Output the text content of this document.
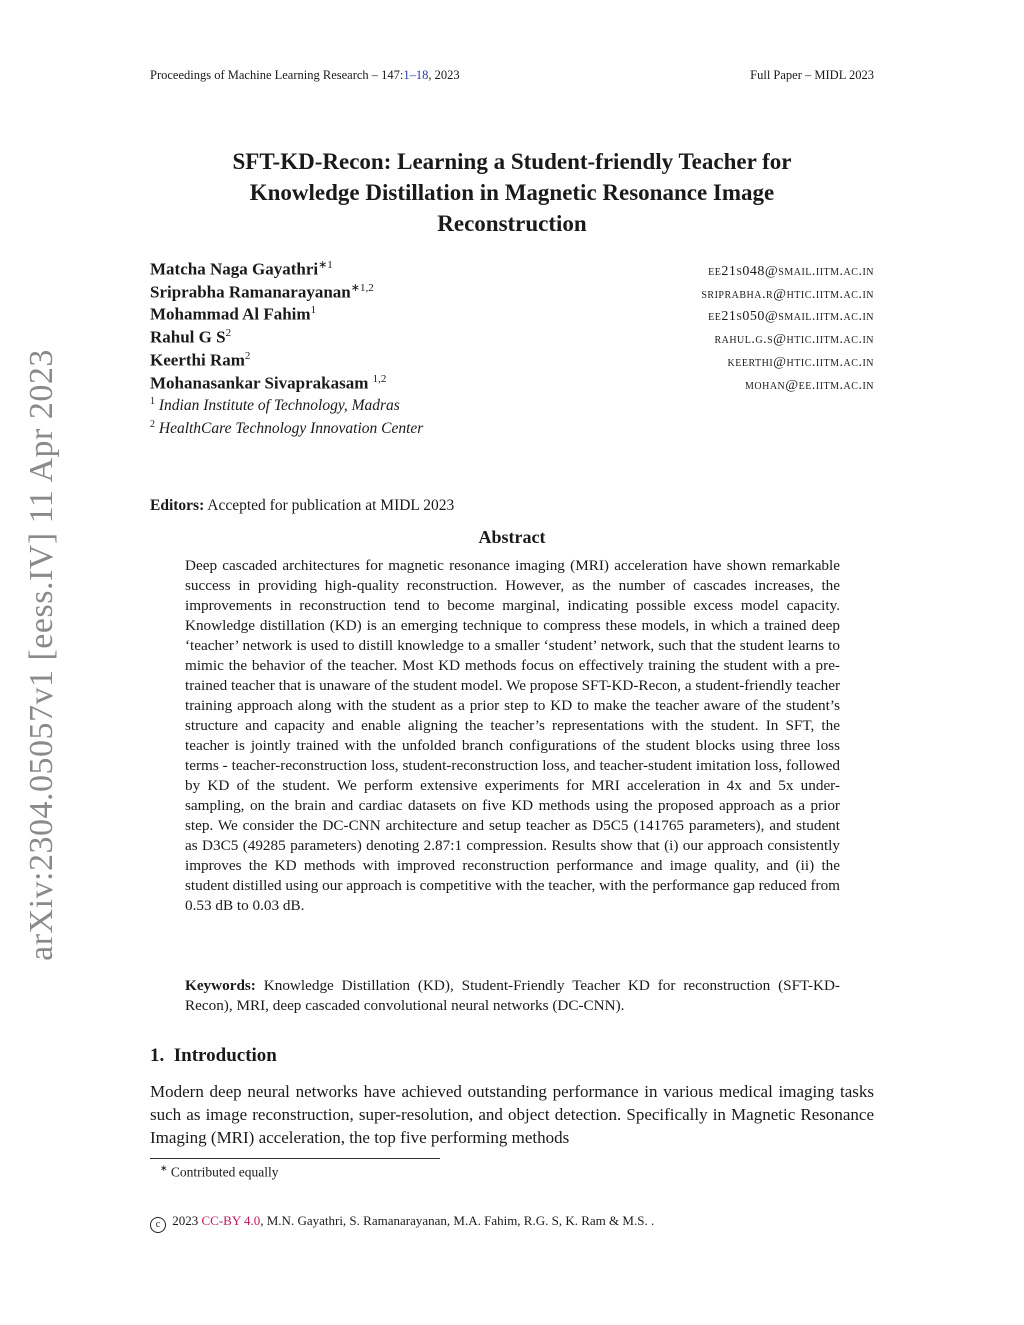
Proceedings of Machine Learning Research – 147:1–18, 2023	Full Paper – MIDL 2023
arXiv:2304.05057v1 [eess.IV] 11 Apr 2023
SFT-KD-Recon: Learning a Student-friendly Teacher for
Knowledge Distillation in Magnetic Resonance Image
Reconstruction
Matcha Naga Gayathri$^{∗1}$	ee21s048@smail.iitm.ac.in
Sriprabha Ramanarayanan$^{∗1,2}$	sriprabha.r@htic.iitm.ac.in
Mohammad Al Fahim$^1$	ee21s050@smail.iitm.ac.in
Rahul G $S^2$	rahul.g.s@htic.iitm.ac.in
Keerthi Ram$^2$	keerthi@htic.iitm.ac.in
Mohanasankar Sivaprakasam $^{1,2}$	mohan@ee.iitm.ac.in
$^1$ Indian Institute of Technology, Madras
$^2$ HealthCare Technology Innovation Center
Editors: Accepted for publication at MIDL 2023
Abstract
Deep cascaded architectures for magnetic resonance imaging (MRI) acceleration have shown remarkable success in providing high-quality reconstruction. However, as the number of cascades increases, the improvements in reconstruction tend to become marginal, indicating possible excess model capacity. Knowledge distillation (KD) is an emerging technique to compress these models, in which a trained deep ‘teacher’ network is used to distill knowledge to a smaller ‘student’ network, such that the student learns to mimic the behavior of the teacher. Most KD methods focus on effectively training the student with a pre-trained teacher that is unaware of the student model. We propose SFT-KD-Recon, a student-friendly teacher training approach along with the student as a prior step to KD to make the teacher aware of the student’s structure and capacity and enable aligning the teacher’s representations with the student. In SFT, the teacher is jointly trained with the unfolded branch configurations of the student blocks using three loss terms - teacher-reconstruction loss, student-reconstruction loss, and teacher-student imitation loss, followed by KD of the student. We perform extensive experiments for MRI acceleration in 4x and 5x under-sampling, on the brain and cardiac datasets on five KD methods using the proposed approach as a prior step. We consider the DC-CNN architecture and setup teacher as D5C5 (141765 parameters), and student as D3C5 (49285 parameters) denoting 2.87:1 compression. Results show that (i) our approach consistently improves the KD methods with improved reconstruction performance and image quality, and (ii) the student distilled using our approach is competitive with the teacher, with the performance gap reduced from 0.53 dB to 0.03 dB.
Keywords: Knowledge Distillation (KD), Student-Friendly Teacher KD for reconstruction (SFT-KD-Recon), MRI, deep cascaded convolutional neural networks (DC-CNN).
1. Introduction
Modern deep neural networks have achieved outstanding performance in various medical imaging tasks such as image reconstruction, super-resolution, and object detection. Specifically in Magnetic Resonance Imaging (MRI) acceleration, the top five performing methods
∗ Contributed equally
c 2023 CC-BY 4.0, M.N. Gayathri, S. Ramanarayanan, M.A. Fahim, R.G. S, K. Ram & M.S. .
